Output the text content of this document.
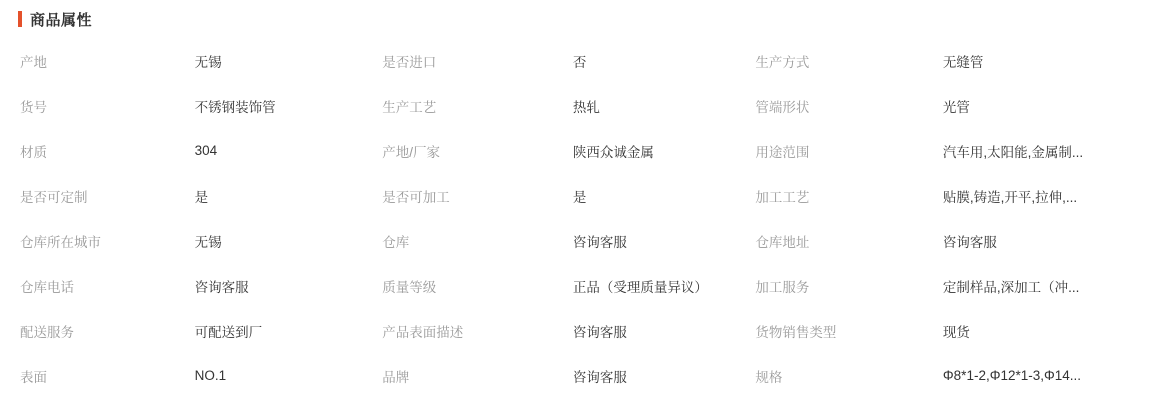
商品属性
产地	无锡	是否进口	否	生产方式	无缝管
货号	不锈钢装饰管	生产工艺	热轧	管端形状	光管
材质	304	产地/厂家	陕西众诚金属	用途范围	汽车用,太阳能,金属制...
是否可定制	是	是否可加工	是	加工工艺	贴膜,铸造,开平,拉伸,...
仓库所在城市	无锡	仓库	咨询客服	仓库地址	咨询客服
仓库电话	咨询客服	质量等级	正品（受理质量异议）	加工服务	定制样品,深加工（冲...
配送服务	可配送到厂	产品表面描述	咨询客服	货物销售类型	现货
表面	NO.1	品牌	咨询客服	规格	Φ8*1-2,Φ12*1-3,Φ14...
